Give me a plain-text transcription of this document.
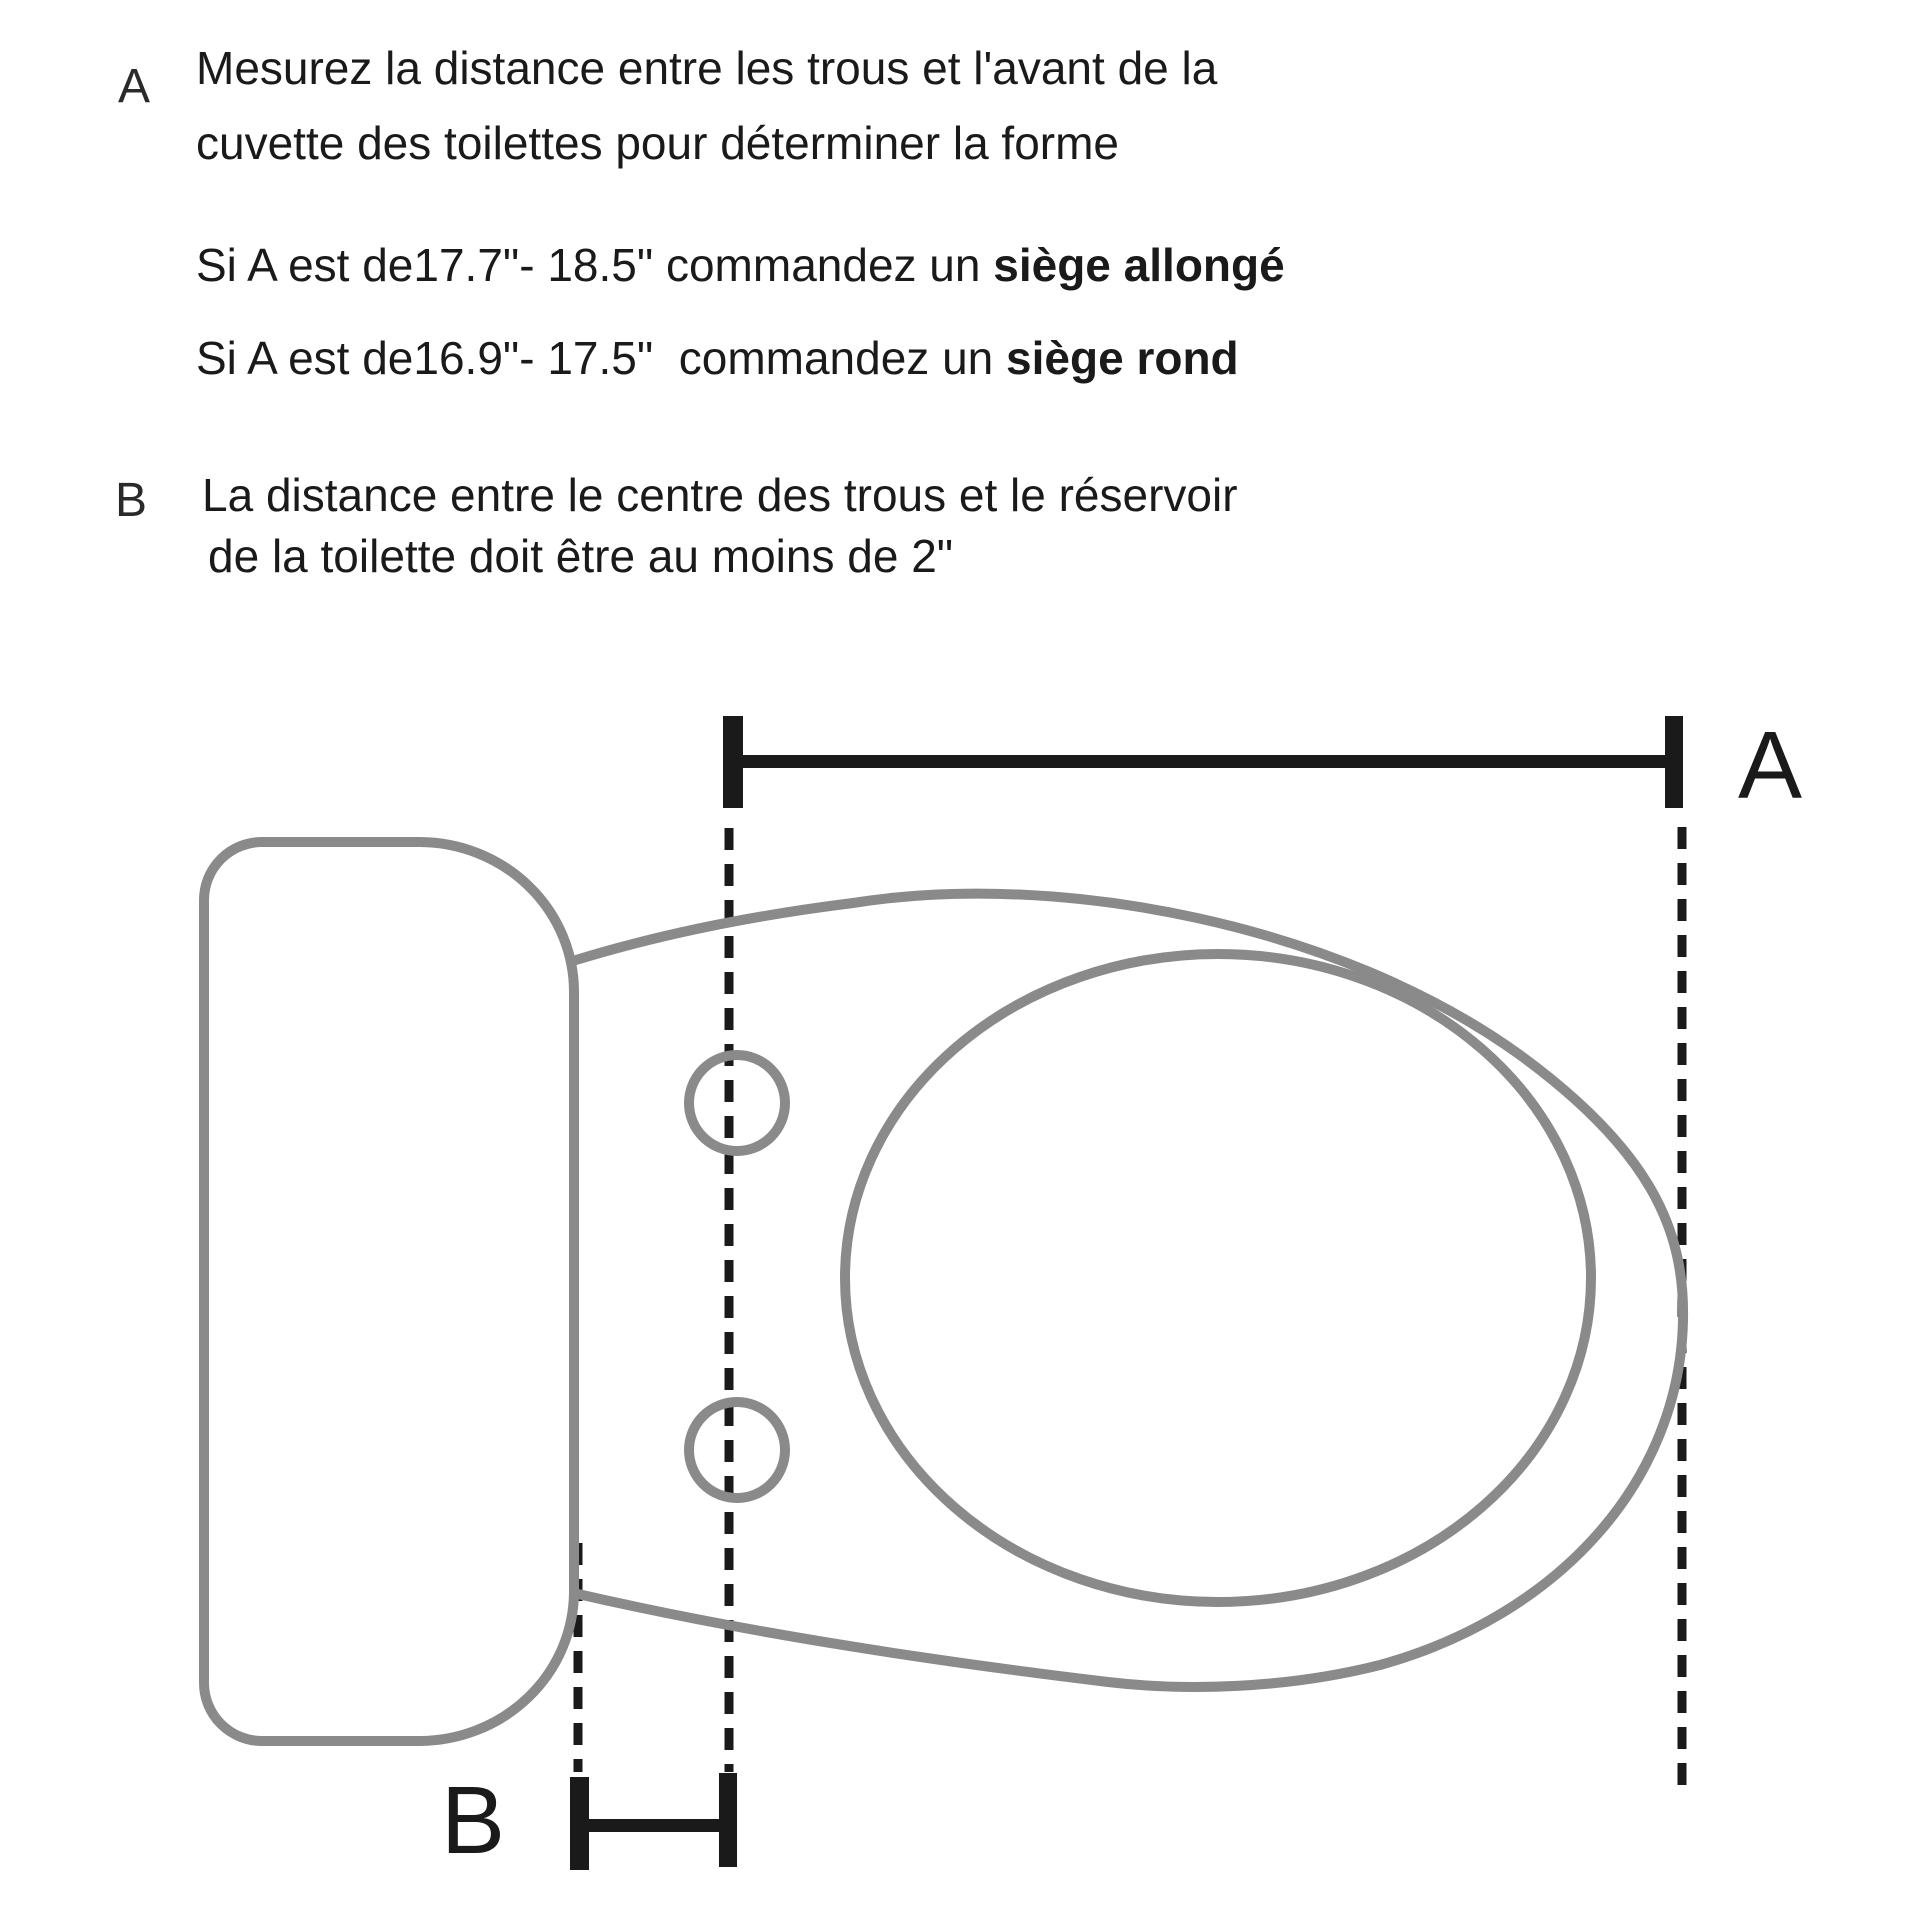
A Mesurez la distance entre les trous et l'avant de la
cuvette des toilettes pour déterminer la forme
Si A est de17.7"- 18.5" commandez un siège allongé
Si A est de16.9"- 17.5"  commandez un siège rond
B La distance entre le centre des trous et le réservoir
de la toilette doit être au moins de 2"
A
B
